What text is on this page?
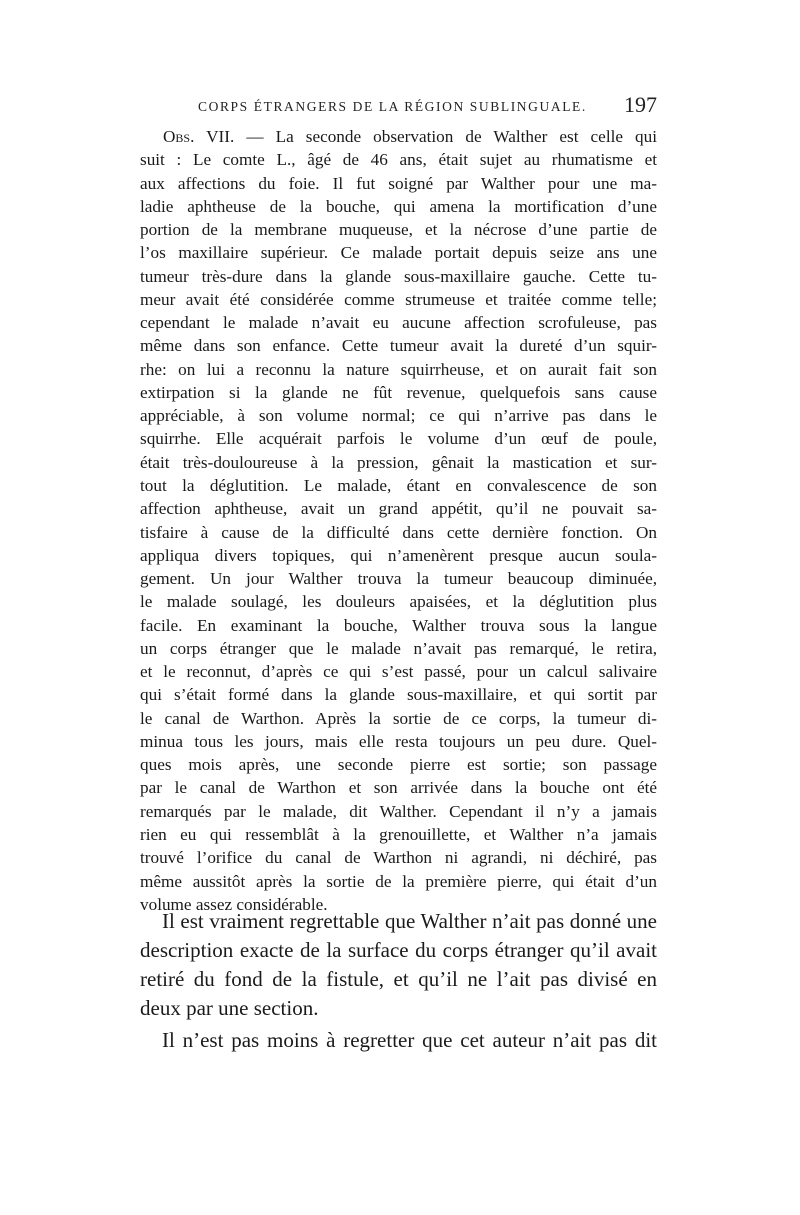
CORPS ÉTRANGERS DE LA RÉGION SUBLINGUALE. 197
Obs. VII. — La seconde observation de Walther est celle qui
suit : Le comte L., âgé de 46 ans, était sujet au rhumatisme et
aux affections du foie. Il fut soigné par Walther pour une ma-
ladie aphtheuse de la bouche, qui amena la mortification d’une
portion de la membrane muqueuse, et la nécrose d’une partie de
l’os maxillaire supérieur. Ce malade portait depuis seize ans une
tumeur très-dure dans la glande sous-maxillaire gauche. Cette tu-
meur avait été considérée comme strumeuse et traitée comme telle;
cependant le malade n’avait eu aucune affection scrofuleuse, pas
même dans son enfance. Cette tumeur avait la dureté d’un squir-
rhe: on lui a reconnu la nature squirrheuse, et on aurait fait son
extirpation si la glande ne fût revenue, quelquefois sans cause
appréciable, à son volume normal; ce qui n’arrive pas dans le
squirrhe. Elle acquérait parfois le volume d’un œuf de poule,
était très-douloureuse à la pression, gênait la mastication et sur-
tout la déglutition. Le malade, étant en convalescence de son
affection aphtheuse, avait un grand appétit, qu’il ne pouvait sa-
tisfaire à cause de la difficulté dans cette dernière fonction. On
appliqua divers topiques, qui n’amenèrent presque aucun soula-
gement. Un jour Walther trouva la tumeur beaucoup diminuée,
le malade soulagé, les douleurs apaisées, et la déglutition plus
facile. En examinant la bouche, Walther trouva sous la langue
un corps étranger que le malade n’avait pas remarqué, le retira,
et le reconnut, d’après ce qui s’est passé, pour un calcul salivaire
qui s’était formé dans la glande sous-maxillaire, et qui sortit par
le canal de Warthon. Après la sortie de ce corps, la tumeur di-
minua tous les jours, mais elle resta toujours un peu dure. Quel-
ques mois après, une seconde pierre est sortie; son passage
par le canal de Warthon et son arrivée dans la bouche ont été
remarqués par le malade, dit Walther. Cependant il n’y a jamais
rien eu qui ressemblât à la grenouillette, et Walther n’a jamais
trouvé l’orifice du canal de Warthon ni agrandi, ni déchiré, pas
même aussitôt après la sortie de la première pierre, qui était d’un
volume assez considérable.
Il est vraiment regrettable que Walther n’ait pas donné une
description exacte de la surface du corps étranger qu’il avait
retiré du fond de la fistule, et qu’il ne l’ait pas divisé en
deux par une section.
Il n’est pas moins à regretter que cet auteur n’ait pas dit
